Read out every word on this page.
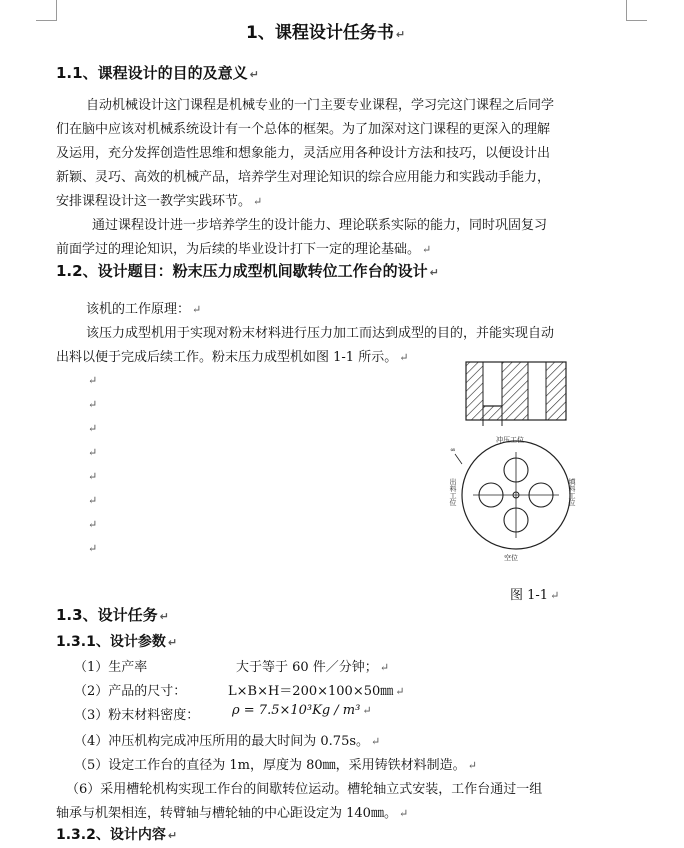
1、课程设计任务书 ↵
1.1、课程设计的目的及意义 ↵
自动机械设计这门课程是机械专业的一门主要专业课程，学习完这门课程之后同学
们在脑中应该对机械系统设计有一个总体的框架。为了加深对这门课程的更深入的理解
及运用，充分发挥创造性思维和想象能力，灵活应用各种设计方法和技巧，以便设计出
新颖、灵巧、高效的机械产品，培养学生对理论知识的综合应用能力和实践动手能力，
安排课程设计这一教学实践环节。 ↵
通过课程设计进一步培养学生的设计能力、理论联系实际的能力，同时巩固复习
前面学过的理论知识，为后续的毕业设计打下一定的理论基础。 ↵
1.2、设计题目：粉末压力成型机间歇转位工作台的设计 ↵
该机的工作原理： ↵
该压力成型机用于实现对粉末材料进行压力加工而达到成型的目的，并能实现自动
出料以便于完成后续工作。粉末压力成型机如图 1-1 所示。 ↵
↵
↵
↵
↵
↵
↵
↵
↵
冲压工位
∞
出料工位	填料工位
空位
图 1-1 ↵
1.3、设计任务 ↵
1.3.1、设计参数 ↵
（1）生产率	大于等于 60 件／分钟； ↵
（2）产品的尺寸：	L×B×H＝200×100×50㎜ ↵
（3）粉末材料密度：	ρ = 7.5×10³Kg / m³ ↵
（4）冲压机构完成冲压所用的最大时间为 0.75s。 ↵
（5）设定工作台的直径为 1m，厚度为 80㎜，采用铸铁材料制造。 ↵
（6）采用槽轮机构实现工作台的间歇转位运动。槽轮轴立式安装，工作台通过一组
轴承与机架相连，转臂轴与槽轮轴的中心距设定为 140㎜。 ↵
1.3.2、设计内容 ↵
